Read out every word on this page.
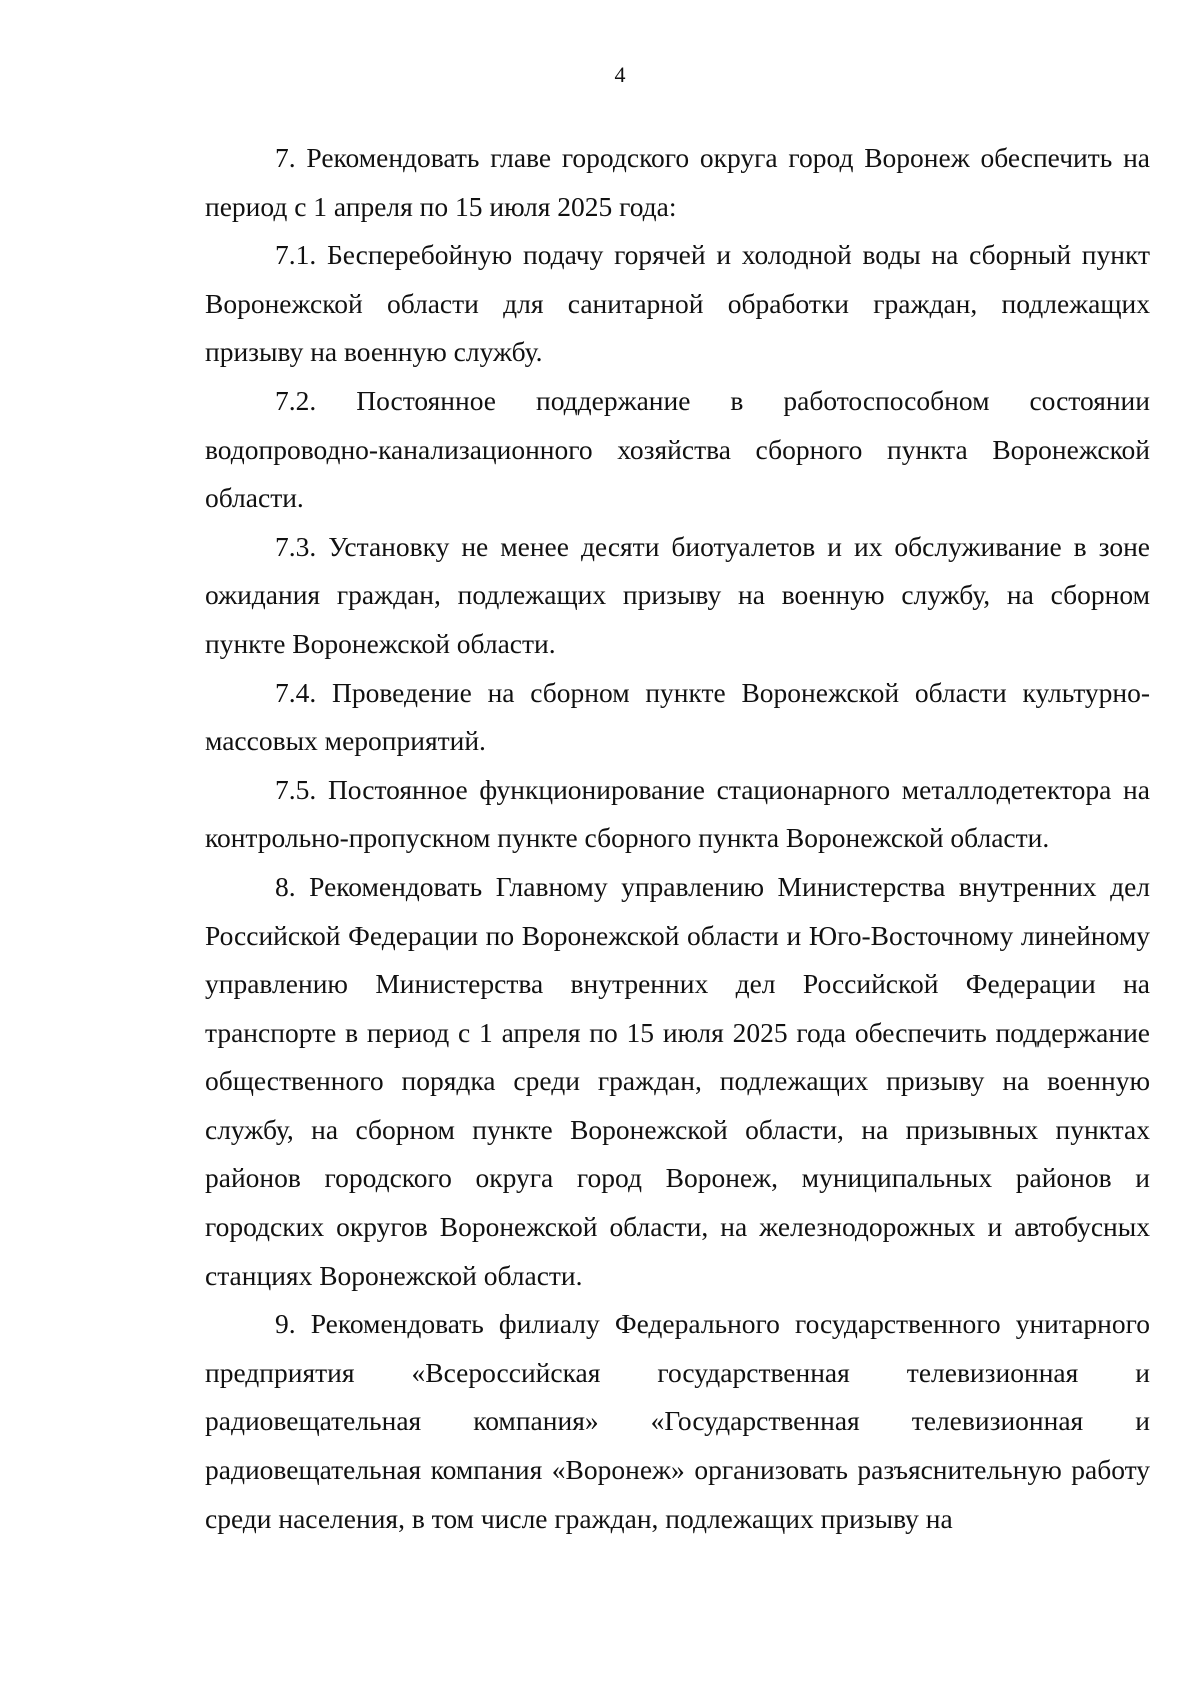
4

7. Рекомендовать главе городского округа город Воронеж обеспечить на период с 1 апреля по 15 июля 2025 года:

7.1. Бесперебойную подачу горячей и холодной воды на сборный пункт Воронежской области для санитарной обработки граждан, подлежащих призыву на военную службу.

7.2. Постоянное поддержание в работоспособном состоянии водопроводно-канализационного хозяйства сборного пункта Воронежской области.

7.3. Установку не менее десяти биотуалетов и их обслуживание в зоне ожидания граждан, подлежащих призыву на военную службу, на сборном пункте Воронежской области.

7.4. Проведение на сборном пункте Воронежской области культурно-массовых мероприятий.

7.5. Постоянное функционирование стационарного металлодетектора на контрольно-пропускном пункте сборного пункта Воронежской области.

8. Рекомендовать Главному управлению Министерства внутренних дел Российской Федерации по Воронежской области и Юго-Восточному линейному управлению Министерства внутренних дел Российской Федерации на транспорте в период с 1 апреля по 15 июля 2025 года обеспечить поддержание общественного порядка среди граждан, подлежащих призыву на военную службу, на сборном пункте Воронежской области, на призывных пунктах районов городского округа город Воронеж, муниципальных районов и городских округов Воронежской области, на железнодорожных и автобусных станциях Воронежской области.

9. Рекомендовать филиалу Федерального государственного унитарного предприятия «Всероссийская государственная телевизионная и радиовещательная компания» «Государственная телевизионная и радиовещательная компания «Воронеж» организовать разъяснительную работу среди населения, в том числе граждан, подлежащих призыву на
